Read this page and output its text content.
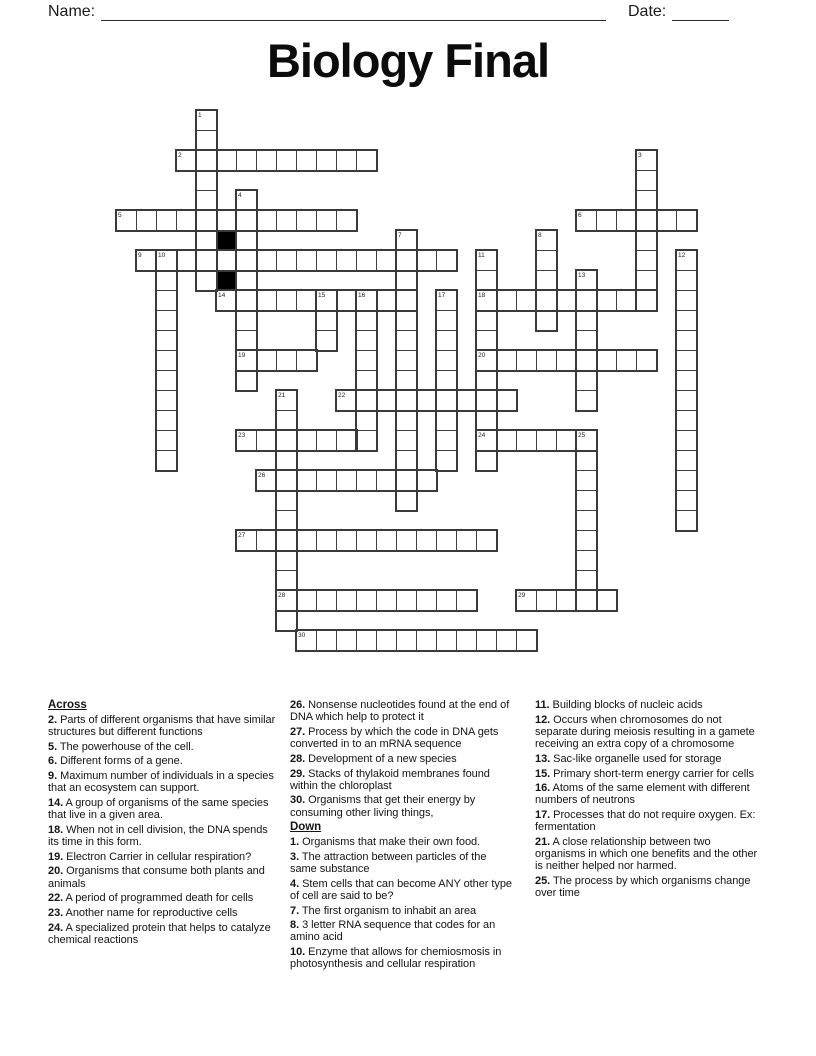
Name:	Date:
Biology Final
2
5	6
9
14	18
19	20
22
23	24
26
27
28	29
30
1
3
4
7	8
10	11	12
13
15	16	17
21
25
Across
2. Parts of different organisms that have similar structures but different functions
5. The powerhouse of the cell.
6. Different forms of a gene.
9. Maximum number of individuals in a species that an ecosystem can support.
14. A group of organisms of the same species that live in a given area.
18. When not in cell division, the DNA spends its time in this form.
19. Electron Carrier in cellular respiration?
20. Organisms that consume both plants and animals
22. A period of programmed death for cells
23. Another name for reproductive cells
24. A specialized protein that helps to catalyze chemical reactions
26. Nonsense nucleotides found at the end of DNA which help to protect it
27. Process by which the code in DNA gets converted in to an mRNA sequence
28. Development of a new species
29. Stacks of thylakoid membranes found within the chloroplast
30. Organisms that get their energy by consuming other living things,
Down
1. Organisms that make their own food.
3. The attraction between particles of the same substance
4. Stem cells that can become ANY other type of cell are said to be?
7. The first organism to inhabit an area
8. 3 letter RNA sequence that codes for an amino acid
10. Enzyme that allows for chemiosmosis in photosynthesis and cellular respiration
11. Building blocks of nucleic acids
12. Occurs when chromosomes do not separate during meiosis resulting in a gamete receiving an extra copy of a chromosome
13. Sac-like organelle used for storage
15. Primary short-term energy carrier for cells
16. Atoms of the same element with different numbers of neutrons
17. Processes that do not require oxygen. Ex: fermentation
21. A close relationship between two organisms in which one benefits and the other is neither helped nor harmed.
25. The process by which organisms change over time
